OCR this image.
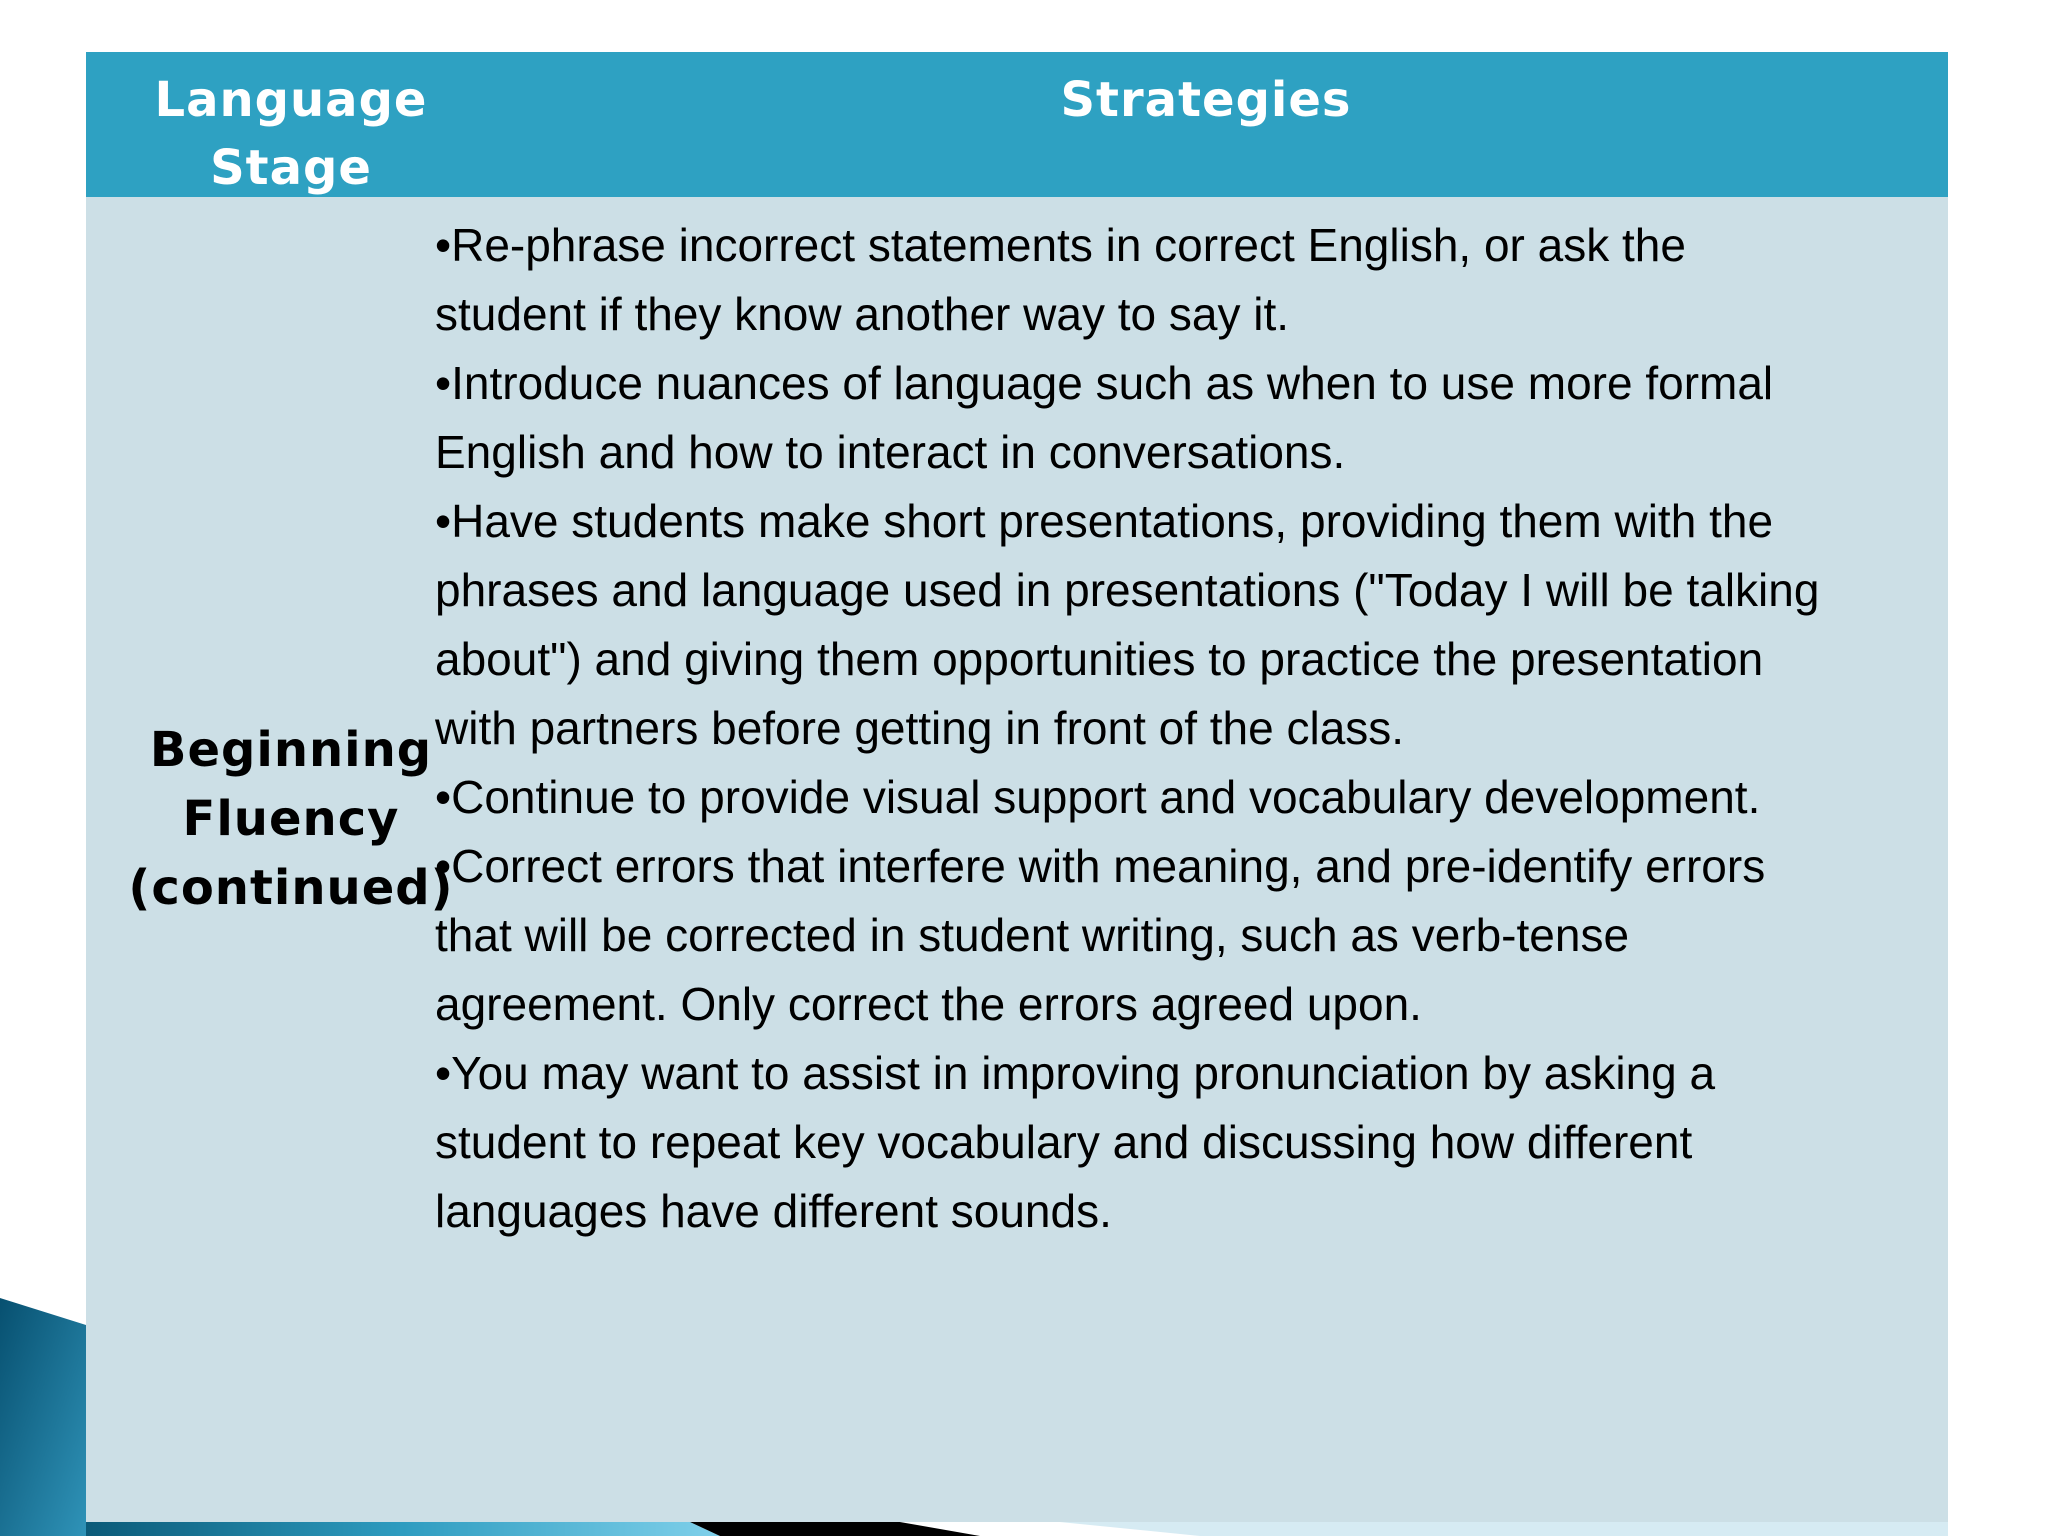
Language Stage
Strategies
Beginning Fluency (continued)

•Re-phrase incorrect statements in correct English, or ask the student if they know another way to say it.

•Introduce nuances of language such as when to use more formal English and how to interact in conversations.

•Have students make short presentations, providing them with the phrases and language used in presentations ("Today I will be talking about") and giving them opportunities to practice the presentation with partners before getting in front of the class.

•Continue to provide visual support and vocabulary development.

•Correct errors that interfere with meaning, and pre-identify errors that will be corrected in student writing, such as verb-tense agreement. Only correct the errors agreed upon.

•You may want to assist in improving pronunciation by asking a student to repeat key vocabulary and discussing how different languages have different sounds.
